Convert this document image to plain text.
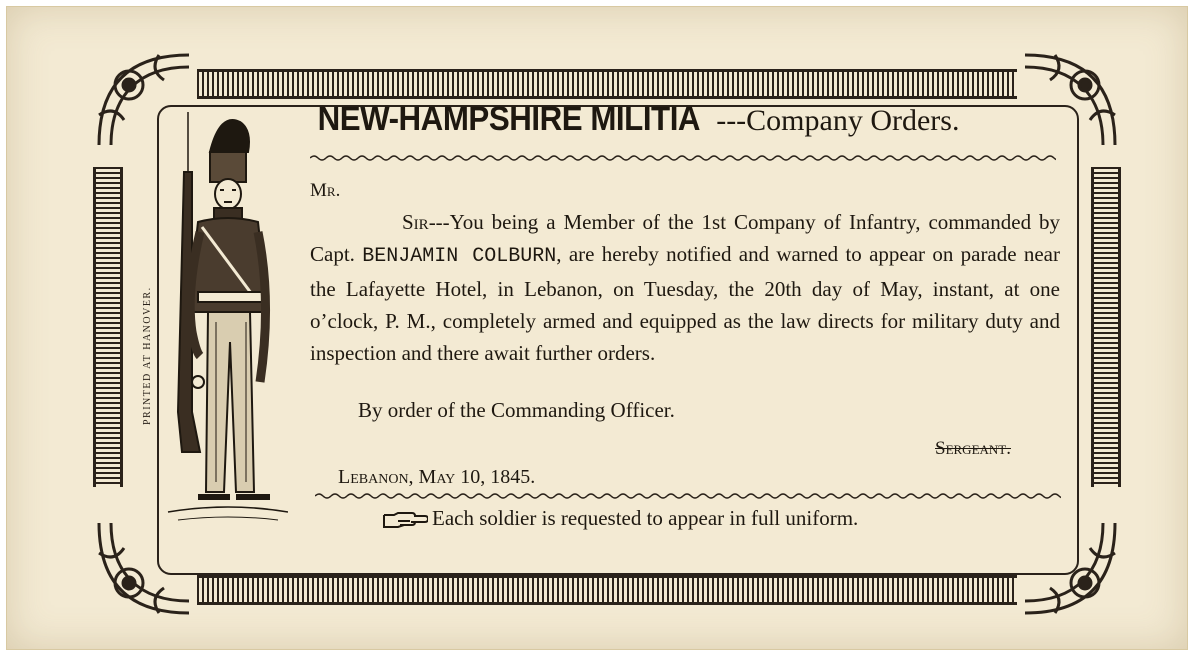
NEW-HAMPSHIRE MILITIA ---Company Orders.
Mr.

Sir---You being a Member of the 1st Company of Infantry, commanded by Capt. BENJAMIN COLBURN, are hereby notified and warned to appear on parade near the Lafayette Hotel, in Lebanon, on Tuesday, the 20th day of May, instant, at one o’clock, P. M., completely armed and equipped as the law directs for military duty and inspection and there await further orders.

By order of the Commanding Officer.
Sergeant.
Lebanon, May 10, 1845.
Each soldier is requested to appear in full uniform.
PRINTED AT HANOVER.
